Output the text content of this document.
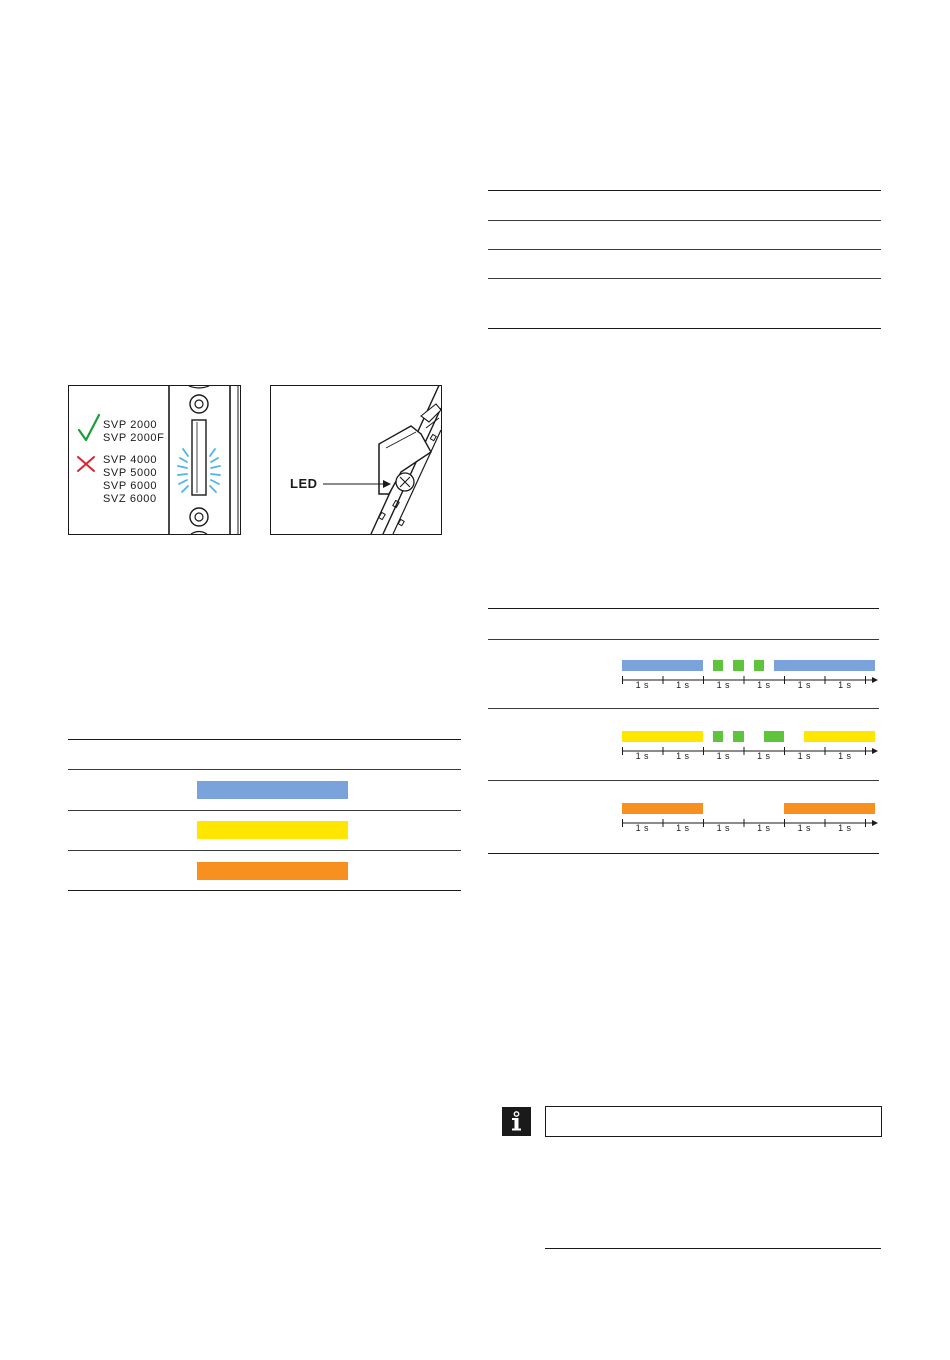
SVP 2000
SVP 2000F
SVP 4000
SVP 5000
SVP 6000
SVZ 6000
LED
1 s	1 s	1 s	1 s	1 s	1 s
1 s	1 s	1 s	1 s	1 s	1 s
1 s	1 s	1 s	1 s	1 s	1 s
